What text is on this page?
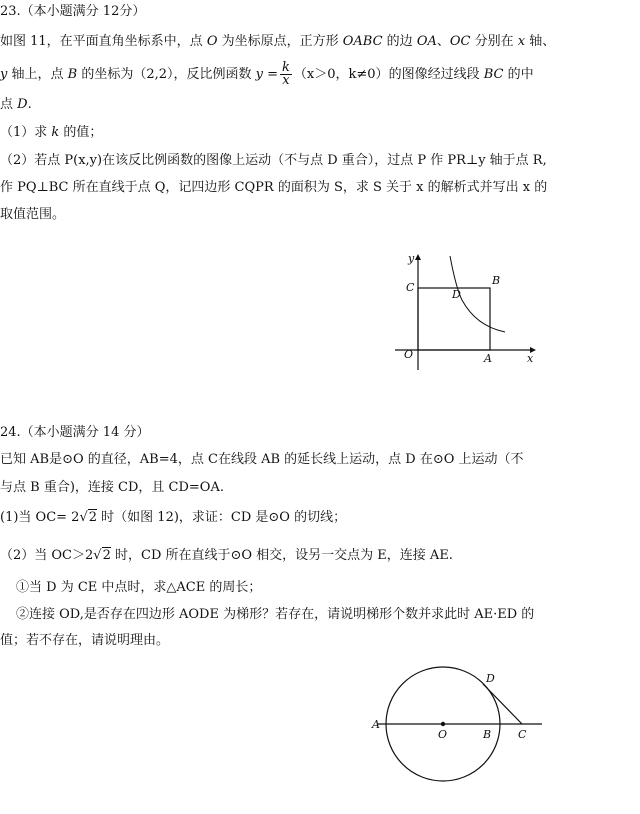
23.（本小题满分 12分）
如图 11，在平面直角坐标系中，点 O 为坐标原点，正方形 OABC 的边 OA、OC 分别在 x 轴、
y 轴上，点 B 的坐标为（2,2），反比例函数 $y = \frac{k}{x} (x>0$，k≠0）的图像经过线段 BC 的中
点 D.
（1）求 k 的值；
（2）若点 P(x,y)在该反比例函数的图像上运动（不与点 D 重合），过点 P 作 PR⊥y 轴于点 R,
作 PQ⊥BC 所在直线于点 Q，记四边形 CQPR 的面积为 S，求 S 关于 x 的解析式并写出 x 的
取值范围。
y
C
D
B
O	A	x
24.（本小题满分 14 分）
已知 AB是⊙O 的直径，AB=4，点 C在线段 AB 的延长线上运动，点 D 在⊙O 上运动（不
与点 B 重合)，连接 CD，且 CD=OA.
(1)当 OC= 2√2 时（如图 12)，求证：CD 是⊙O 的切线；
（2）当 OC＞2√2 时，CD 所在直线于⊙O 相交，设另一交点为 E，连接 AE.
①当 D 为 CE 中点时，求△ACE 的周长；
②连接 OD,是否存在四边形 AODE 为梯形？若存在，请说明梯形个数并求此时 AE·ED 的
值；若不存在，请说明理由。
D
A
O	B C
